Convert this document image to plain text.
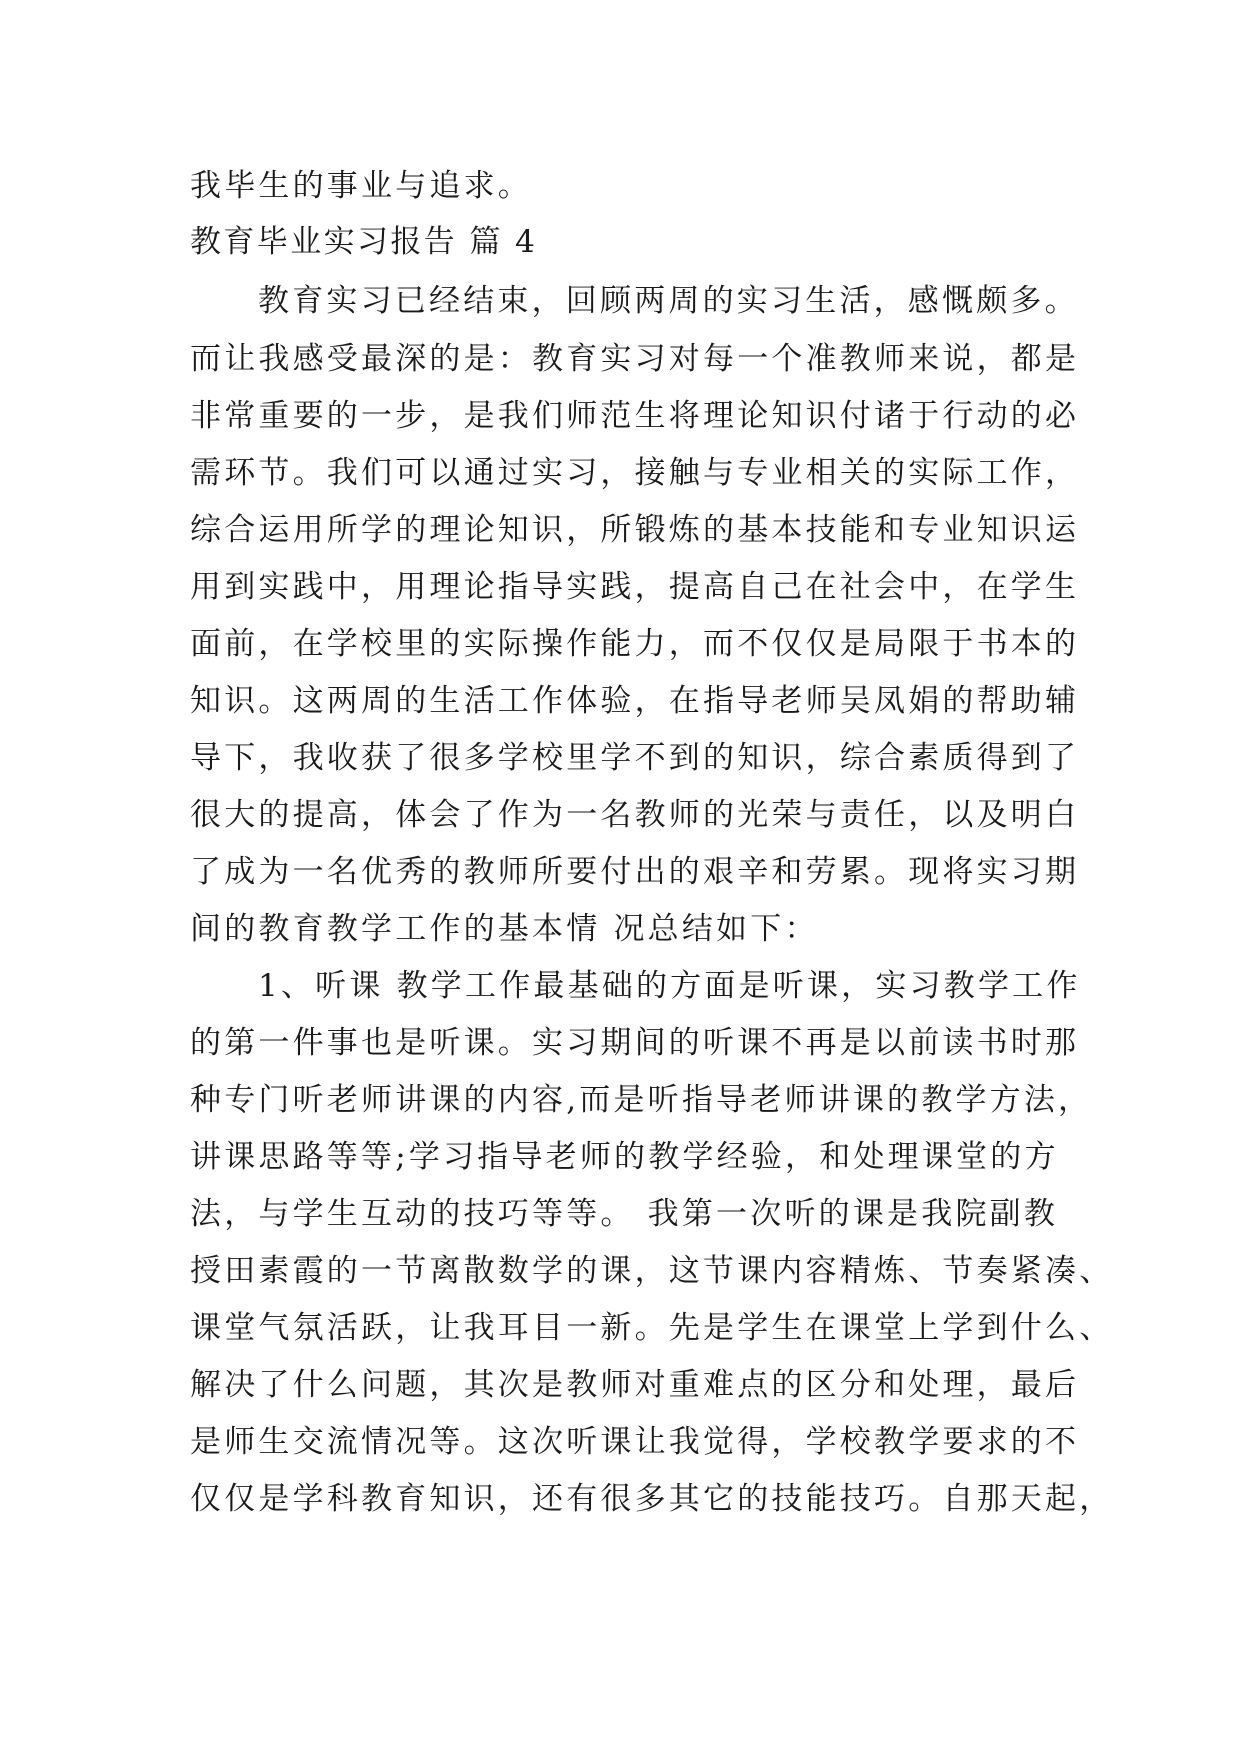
我毕生的事业与追求。
教育毕业实习报告 篇 4
教育实习已经结束，回顾两周的实习生活，感慨颇多。
而让我感受最深的是：教育实习对每一个准教师来说，都是
非常重要的一步，是我们师范生将理论知识付诸于行动的必
需环节。我们可以通过实习，接触与专业相关的实际工作，
综合运用所学的理论知识，所锻炼的基本技能和专业知识运
用到实践中，用理论指导实践，提高自己在社会中，在学生
面前，在学校里的实际操作能力，而不仅仅是局限于书本的
知识。这两周的生活工作体验，在指导老师吴凤娟的帮助辅
导下，我收获了很多学校里学不到的知识，综合素质得到了
很大的提高，体会了作为一名教师的光荣与责任，以及明白
了成为一名优秀的教师所要付出的艰辛和劳累。现将实习期
间的教育教学工作的基本情 况总结如下：
1、听课 教学工作最基础的方面是听课，实习教学工作
的第一件事也是听课。实习期间的听课不再是以前读书时那
种专门听老师讲课的内容,而是听指导老师讲课的教学方法，
讲课思路等等;学习指导老师的教学经验，和处理课堂的方
法，与学生互动的技巧等等。 我第一次听的课是我院副教
授田素霞的一节离散数学的课，这节课内容精炼、节奏紧凑、
课堂气氛活跃，让我耳目一新。先是学生在课堂上学到什么、
解决了什么问题，其次是教师对重难点的区分和处理，最后
是师生交流情况等。这次听课让我觉得，学校教学要求的不
仅仅是学科教育知识，还有很多其它的技能技巧。自那天起，
